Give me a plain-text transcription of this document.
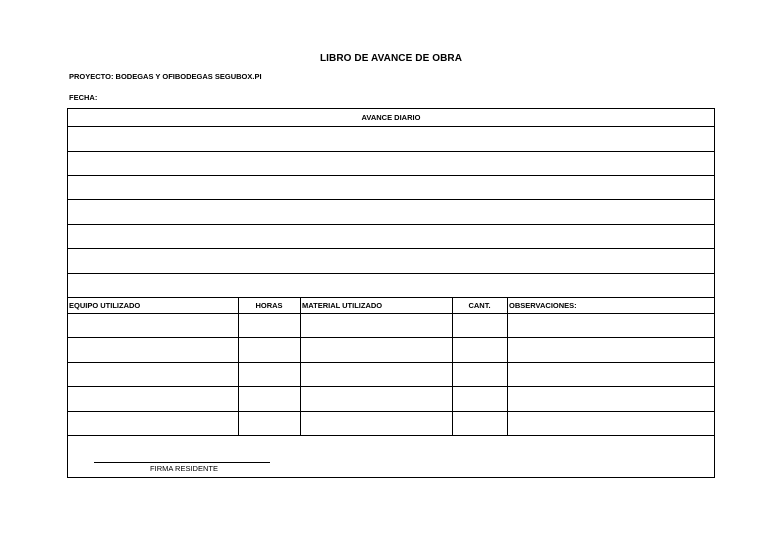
LIBRO DE AVANCE DE OBRA
PROYECTO: BODEGAS Y OFIBODEGAS SEGUBOX.PI
FECHA:
AVANCE DIARIO
EQUIPO UTILIZADO	HORAS	MATERIAL UTILIZADO	CANT.	OBSERVACIONES:
FIRMA RESIDENTE
